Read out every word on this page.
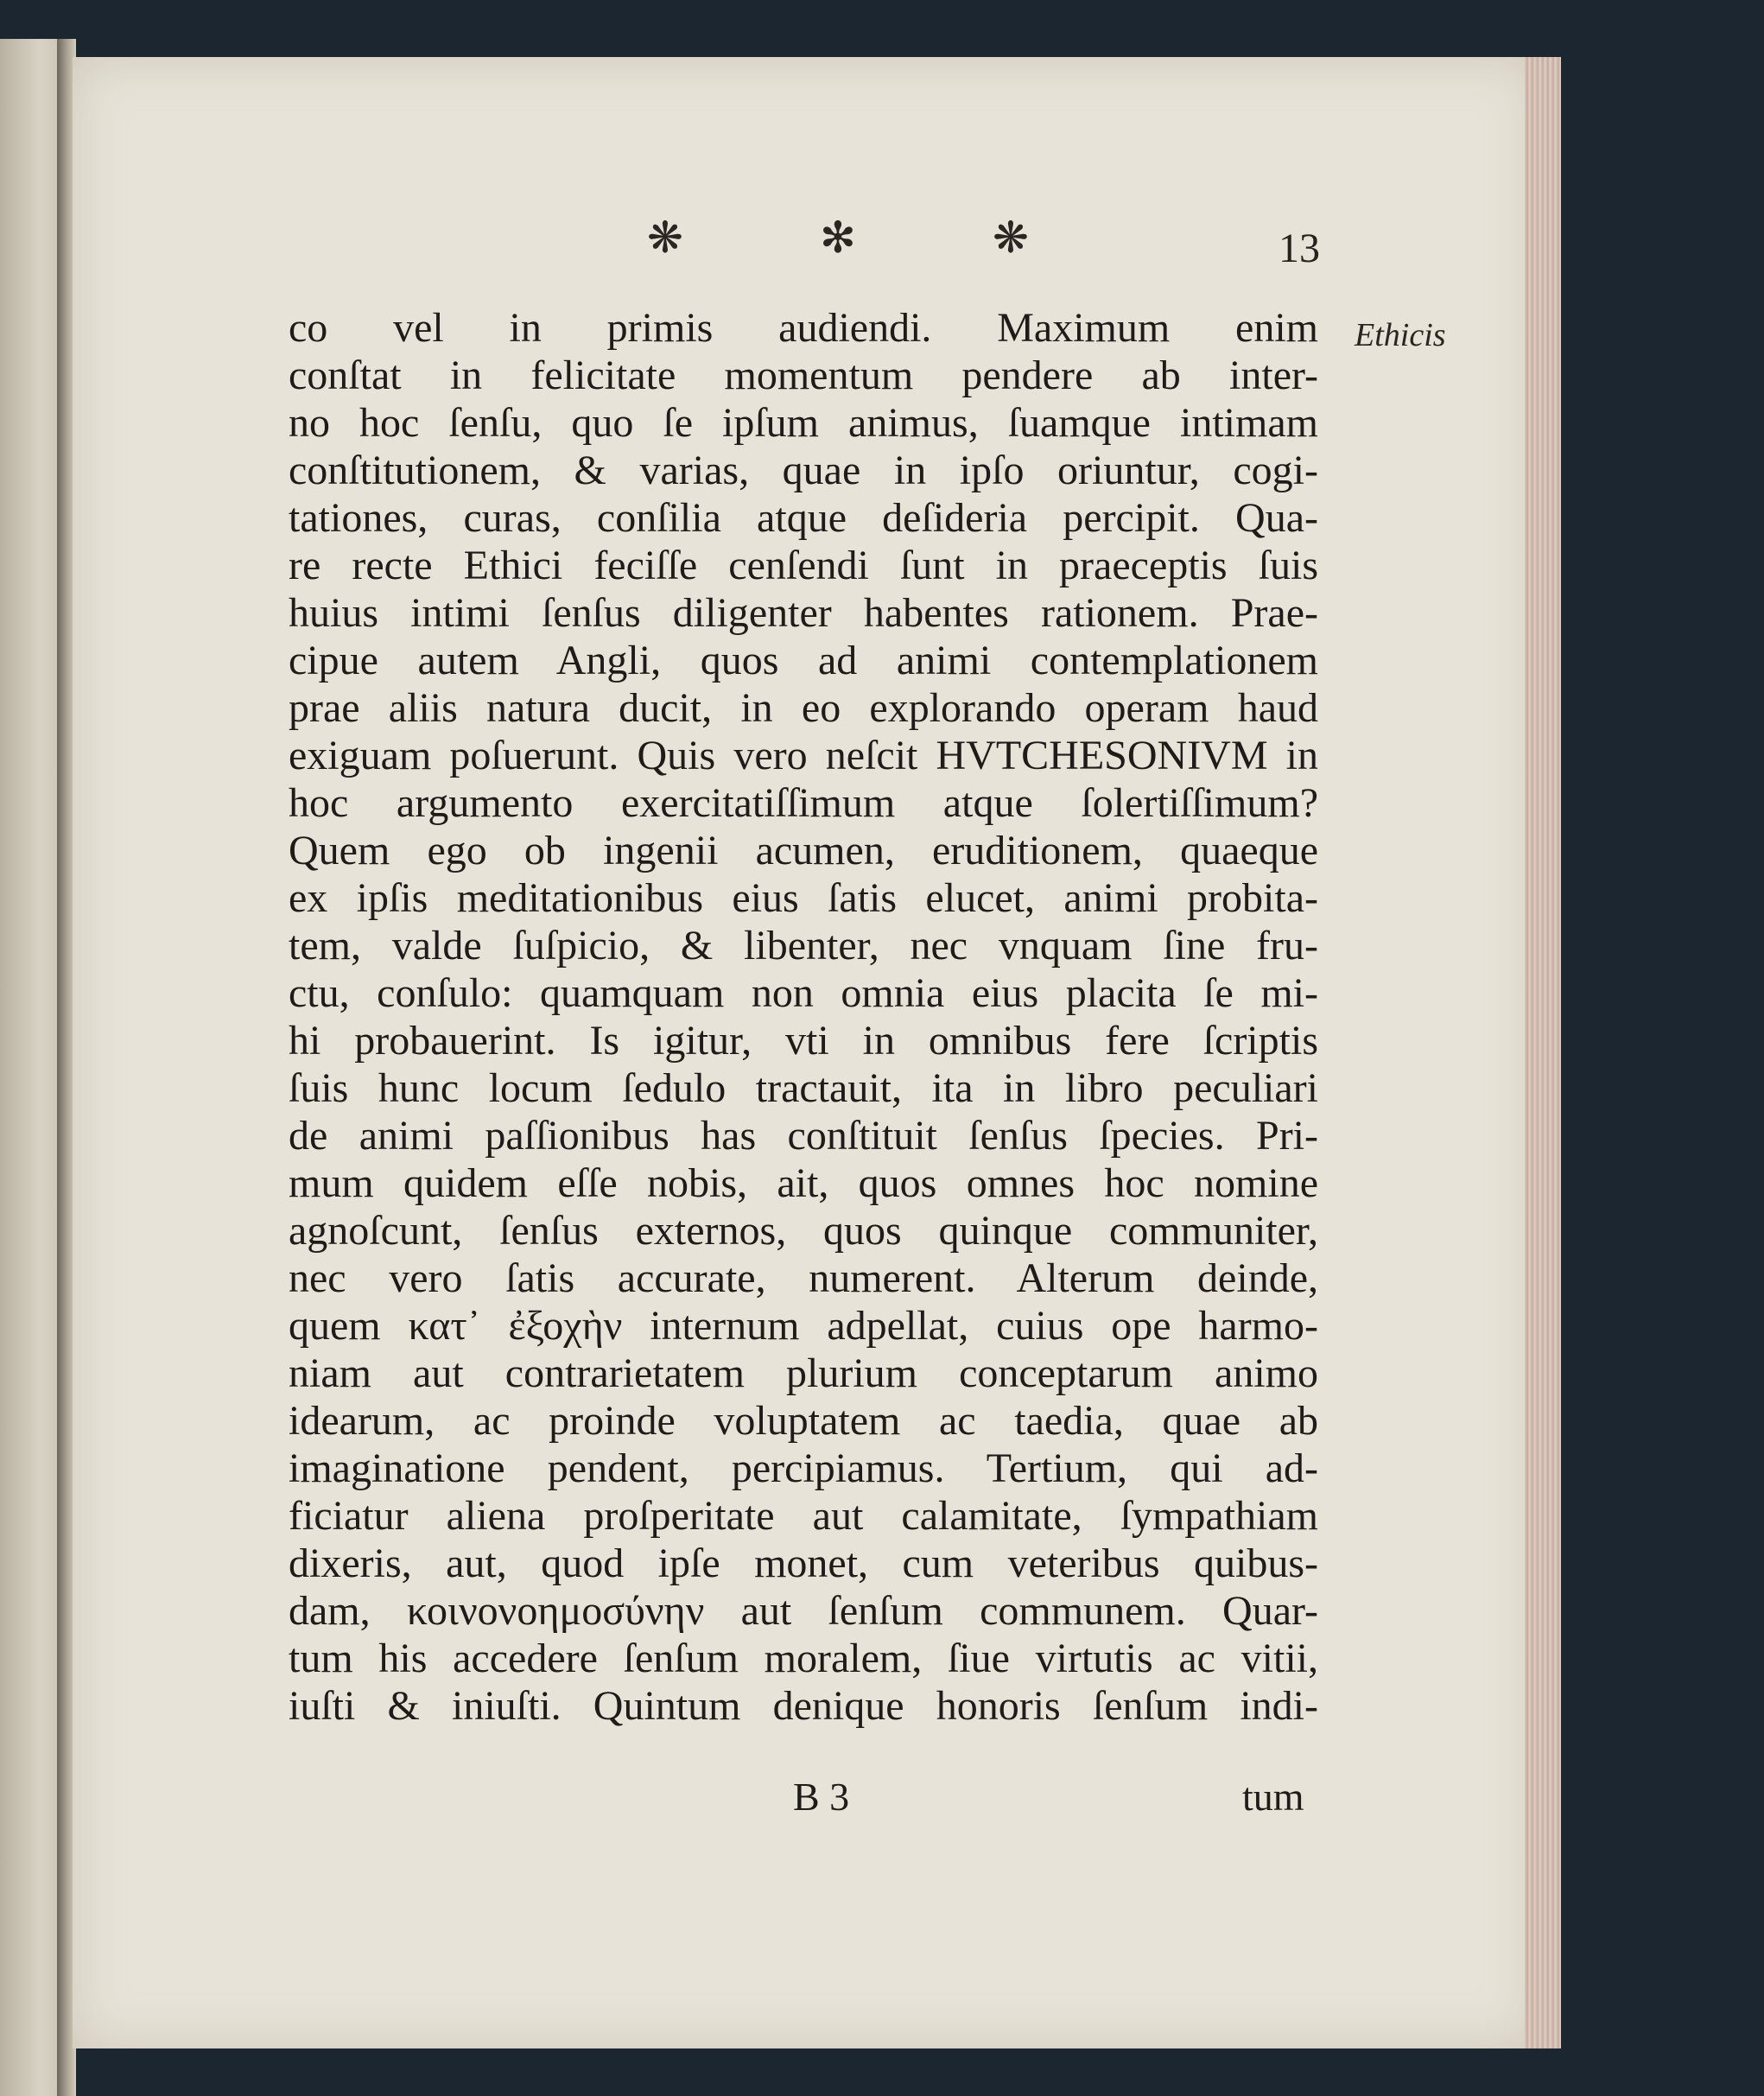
❋	✻	❋	13
Ethicis
co vel in primis audiendi. Maximum enim
conſtat in felicitate momentum pendere ab inter-
no hoc ſenſu, quo ſe ipſum animus, ſuamque intimam
conſtitutionem, & varias, quae in ipſo oriuntur, cogi-
tationes, curas, conſilia atque deſideria percipit. Qua-
re recte Ethici feciſſe cenſendi ſunt in praeceptis ſuis
huius intimi ſenſus diligenter habentes rationem. Prae-
cipue autem Angli, quos ad animi contemplationem
prae aliis natura ducit, in eo explorando operam haud
exiguam poſuerunt. Quis vero neſcit HVTCHESONIVM in
hoc argumento exercitatiſſimum atque ſolertiſſimum?
Quem ego ob ingenii acumen, eruditionem, quaeque
ex ipſis meditationibus eius ſatis elucet, animi probita-
tem, valde ſuſpicio, & libenter, nec vnquam ſine fru-
ctu, conſulo: quamquam non omnia eius placita ſe mi-
hi probauerint. Is igitur, vti in omnibus fere ſcriptis
ſuis hunc locum ſedulo tractauit, ita in libro peculiari
de animi paſſionibus has conſtituit ſenſus ſpecies. Pri-
mum quidem eſſe nobis, ait, quos omnes hoc nomine
agnoſcunt, ſenſus externos, quos quinque communiter,
nec vero ſatis accurate, numerent. Alterum deinde,
quem κατ᾽ ἐξοχὴν internum adpellat, cuius ope harmo-
niam aut contrarietatem plurium conceptarum animo
idearum, ac proinde voluptatem ac taedia, quae ab
imaginatione pendent, percipiamus. Tertium, qui ad-
ficiatur aliena proſperitate aut calamitate, ſympathiam
dixeris, aut, quod ipſe monet, cum veteribus quibus-
dam, κοινονοημοσύνην aut ſenſum communem. Quar-
tum his accedere ſenſum moralem, ſiue virtutis ac vitii,
iuſti & iniuſti. Quintum denique honoris ſenſum indi-
B 3	tum
